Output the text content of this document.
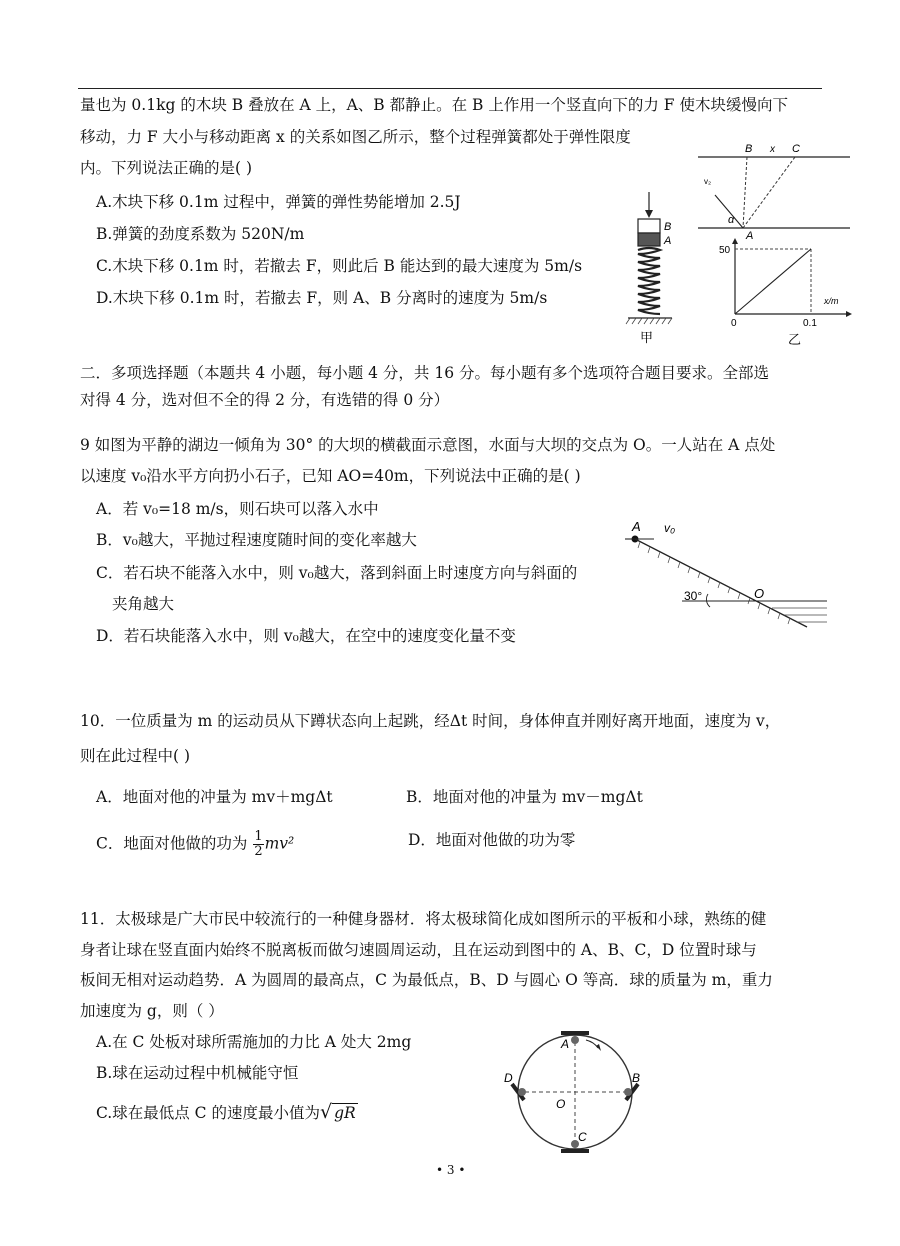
量也为 0.1kg 的木块 B 叠放在 A 上，A、B 都静止。在 B 上作用一个竖直向下的力 F 使木块缓慢向下
移动，力 F 大小与移动距离 x 的关系如图乙所示，整个过程弹簧都处于弹性限度
内。下列说法正确的是( )
A.木块下移 0.1m 过程中，弹簧的弹性势能增加 2.5J
B.弹簧的劲度系数为 520N/m
C.木块下移 0.1m 时，若撤去 F，则此后 B 能达到的最大速度为 5m/s
D.木块下移 0.1m 时，若撤去 F，则 A、B 分离时的速度为 5m/s
B x C
v₂
α
A
B
A
甲
50
0	0.1
x/m
乙
二．多项选择题（本题共 4 小题，每小题 4 分，共 16 分。每小题有多个选项符合题目要求。全部选
对得 4 分，选对但不全的得 2 分，有选错的得 0 分）
9 如图为平静的湖边一倾角为 30° 的大坝的横截面示意图，水面与大坝的交点为 O。一人站在 A 点处
以速度 v₀沿水平方向扔小石子，已知 AO=40m，下列说法中正确的是( )
A．若 v₀=18 m/s，则石块可以落入水中
B．v₀越大，平抛过程速度随时间的变化率越大
C．若石块不能落入水中，则 v₀越大，落到斜面上时速度方向与斜面的
夹角越大
D．若石块能落入水中，则 v₀越大，在空中的速度变化量不变
A v₀
30°	O
10．一位质量为 m 的运动员从下蹲状态向上起跳，经Δt 时间，身体伸直并刚好离开地面，速度为 v，
则在此过程中( )
A．地面对他的冲量为 mv＋mgΔt	B．地面对他的冲量为 mv－mgΔt
C．地面对他做的功为 $\frac{1}{2} mv^2$	D．地面对他做的功为零
11．太极球是广大市民中较流行的一种健身器材．将太极球简化成如图所示的平板和小球，熟练的健
身者让球在竖直面内始终不脱离板而做匀速圆周运动，且在运动到图中的 A、B、C，D 位置时球与
板间无相对运动趋势．A 为圆周的最高点，C 为最低点，B、D 与圆心 O 等高．球的质量为 m，重力
加速度为 g，则（ ）
A.在 C 处板对球所需施加的力比 A 处大 2mg
B.球在运动过程中机械能守恒
C.球在最低点 C 的速度最小值为√ gR
A
B
C
D
O
• 3 •
